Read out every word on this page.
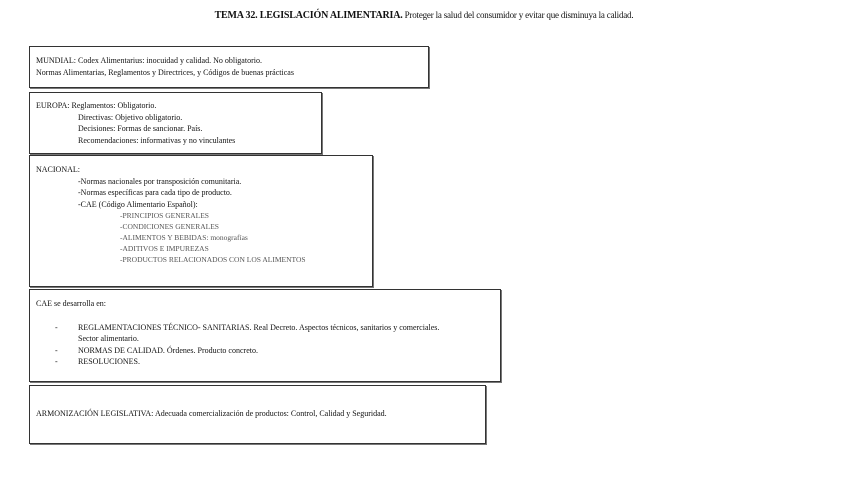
TEMA 32. LEGISLACIÓN ALIMENTARIA. Proteger la salud del consumidor y evitar que disminuya la calidad.
MUNDIAL: Codex Alimentarius: inocuidad y calidad. No obligatorio.
Normas Alimentarias, Reglamentos y Directrices, y Códigos de buenas prácticas
EUROPA: Reglamentos: Obligatorio.
Directivas: Objetivo obligatorio.
Decisiones: Formas de sancionar. País.
Recomendaciones: informativas y no vinculantes
NACIONAL:
-Normas nacionales por transposición comunitaria.
-Normas específicas para cada tipo de producto.
-CAE (Código Alimentario Español):
-PRINCIPIOS GENERALES
-CONDICIONES GENERALES
-ALIMENTOS Y BEBIDAS: monografías
-ADITIVOS E IMPUREZAS
-PRODUCTOS RELACIONADOS CON LOS ALIMENTOS
CAE se desarrolla en:
-	REGLAMENTACIONES TÉCNICO- SANITARIAS. Real Decreto. Aspectos técnicos, sanitarios y comerciales. Sector alimentario.
-	NORMAS DE CALIDAD. Órdenes. Producto concreto.
-	RESOLUCIONES.
ARMONIZACIÓN LEGISLATIVA: Adecuada comercialización de productos: Control, Calidad y Seguridad.
